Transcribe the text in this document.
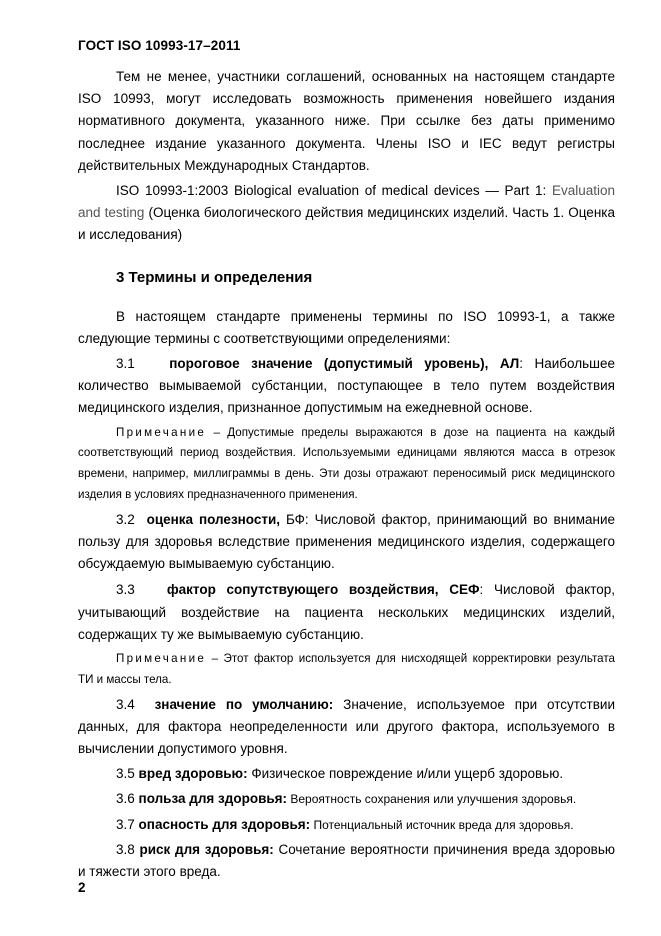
ГОСТ ISO 10993-17–2011

Тем не менее, участники соглашений, основанных на настоящем стандарте ISO 10993, могут исследовать возможность применения новейшего издания нормативного документа, указанного ниже. При ссылке без даты применимо последнее издание указанного документа. Члены ISO и IEC ведут регистры действительных Международных Стандартов.

ISO 10993-1:2003 Biological evaluation of medical devices — Part 1: Evaluation and testing (Оценка биологического действия медицинских изделий. Часть 1. Оценка и исследования)

3 Термины и определения

В настоящем стандарте применены термины по ISO 10993-1, а также следующие термины с соответствующими определениями:

3.1	пороговое значение (допустимый уровень), АЛ: Наибольшее количество вымываемой субстанции, поступающее в тело путем воздействия медицинского изделия, признанное допустимым на ежедневной основе.

Примечание – Допустимые пределы выражаются в дозе на пациента на каждый соответствующий период воздействия. Используемыми единицами являются масса в отрезок времени, например, миллиграммы в день. Эти дозы отражают переносимый риск медицинского изделия в условиях предназначенного применения.

3.2 оценка полезности, БФ: Числовой фактор, принимающий во внимание пользу для здоровья вследствие применения медицинского изделия, содержащего обсуждаемую вымываемую субстанцию.

3.3 фактор сопутствующего воздействия, СЕФ: Числовой фактор, учитывающий воздействие на пациента нескольких медицинских изделий, содержащих ту же вымываемую субстанцию.

Примечание – Этот фактор используется для нисходящей корректировки результата ТИ и массы тела.

3.4 значение по умолчанию: Значение, используемое при отсутствии данных, для фактора неопределенности или другого фактора, используемого в вычислении допустимого уровня.

3.5 вред здоровью: Физическое повреждение и/или ущерб здоровью.

3.6 польза для здоровья: Вероятность сохранения или улучшения здоровья.

3.7 опасность для здоровья: Потенциальный источник вреда для здоровья.

3.8 риск для здоровья: Сочетание вероятности причинения вреда здоровью и тяжести этого вреда.

2
